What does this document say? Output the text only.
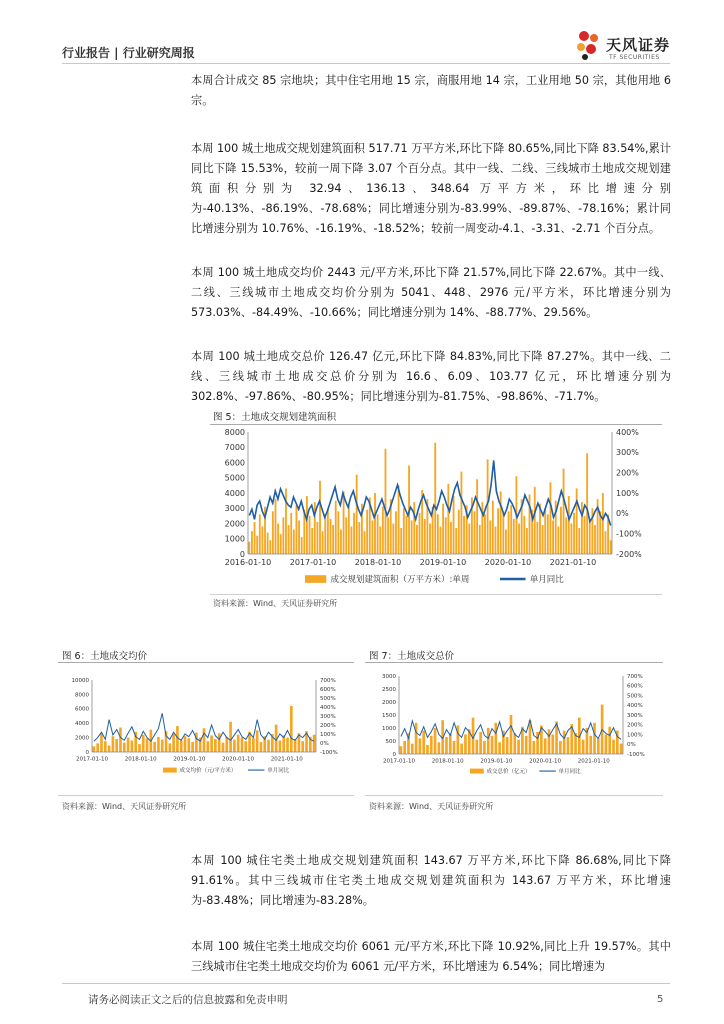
行业报告 | 行业研究周报	天风证券
TF SECURITIES

本周合计成交 85 宗地块；其中住宅用地 15 宗，商服用地 14 宗，工业用地 50 宗，其他用地 6 宗。

本周 100 城土地成交规划建筑面积 517.71 万平方米,环比下降 80.65%,同比下降 83.54%,累计同比下降 15.53%，较前一周下降 3.07 个百分点。其中一线、二线、三线城市土地成交规划建筑面积分别为 32.94、136.13、348.64 万平方米，环比增速分别为-40.13%、-86.19%、-78.68%；同比增速分别为-83.99%、-89.87%、-78.16%；累计同比增速分别为 10.76%、-16.19%、-18.52%；较前一周变动-4.1、-3.31、-2.71 个百分点。

本周 100 城土地成交均价 2443 元/平方米,环比下降 21.57%,同比下降 22.67%。其中一线、二线、三线城市土地成交均价分别为 5041、448、2976 元/平方米，环比增速分别为 573.03%、-84.49%、-10.66%；同比增速分别为 14%、-88.77%、29.56%。

本周 100 城土地成交总价 126.47 亿元,环比下降 84.83%,同比下降 87.27%。其中一线、二线、三线城市土地成交总价分别为 16.6、6.09、103.77 亿元，环比增速分别为 302.8%、-97.86%、-80.95%；同比增速分别为-81.75%、-98.86%、-71.7%。

图 5：土地成交规划建筑面积
0
1000
2000
3000
4000
5000
6000
7000
8000
-200%
-100%
0%
100%
200%
300%
400%
2016-01-10 2017-01-10 2018-01-10 2019-01-10 2020-01-10 2021-01-10
成交规划建筑面积（万平方米）:单周	单月同比
资料来源：Wind、天风证券研究所
图 6：土地成交均价
0
2000
4000
6000
8000
10000
-100%
0%
100%
200%
300%
400%
500%
600%
700%
2017-01-10	2018-01-10	2019-01-10	2020-01-10	2021-01-10
成交均价（元/平方米）	单月同比
资料来源：Wind、天风证券研究所
图 7：土地成交总价
0
500
1000
1500
2000
2500
3000
-100%
0%
100%
200%
300%
400%
500%
600%
700%
2017-01-10	2018-01-10	2019-01-10	2020-01-10	2021-01-10
成交总价（亿元）	单月同比
资料来源：Wind、天风证券研究所

本周 100 城住宅类土地成交规划建筑面积 143.67 万平方米,环比下降 86.68%,同比下降 91.61%。其中三线城市住宅类土地成交规划建筑面积为 143.67 万平方米，环比增速为-83.48%；同比增速为-83.28%。

本周 100 城住宅类土地成交均价 6061 元/平方米,环比下降 10.92%,同比上升 19.57%。其中三线城市住宅类土地成交均价为 6061 元/平方米，环比增速为 6.54%；同比增速为

请务必阅读正文之后的信息披露和免责申明	5
